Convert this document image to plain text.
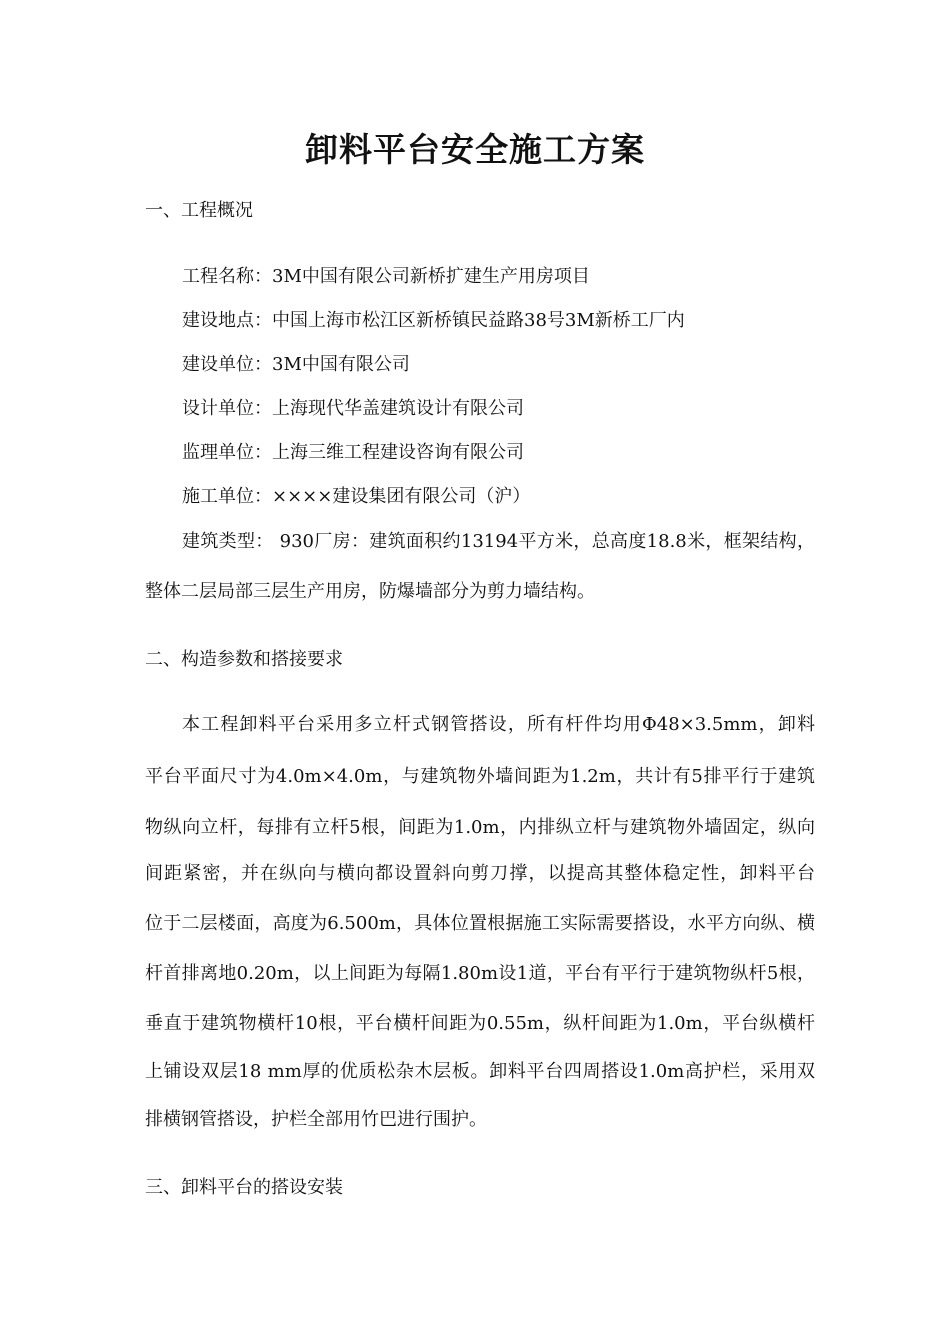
卸料平台安全施工方案
一、工程概况
工程名称：3M中国有限公司新桥扩建生产用房项目
建设地点：中国上海市松江区新桥镇民益路38号3M新桥工厂内
建设单位：3M中国有限公司
设计单位：上海现代华盖建筑设计有限公司
监理单位：上海三维工程建设咨询有限公司
施工单位：××××建设集团有限公司（沪）
建筑类型： 930厂房：建筑面积约13194平方米，总高度18.8米，框架结构，
整体二层局部三层生产用房，防爆墙部分为剪力墙结构。
二、构造参数和搭接要求
本工程卸料平台采用多立杆式钢管搭设，所有杆件均用Φ48×3.5mm，卸料
平台平面尺寸为4.0m×4.0m，与建筑物外墙间距为1.2m，共计有5排平行于建筑
物纵向立杆，每排有立杆5根，间距为1.0m，内排纵立杆与建筑物外墙固定，纵向
间距紧密，并在纵向与横向都设置斜向剪刀撑，以提高其整体稳定性，卸料平台
位于二层楼面，高度为6.500m，具体位置根据施工实际需要搭设，水平方向纵、横
杆首排离地0.20m，以上间距为每隔1.80m设1道，平台有平行于建筑物纵杆5根，
垂直于建筑物横杆10根，平台横杆间距为0.55m，纵杆间距为1.0m，平台纵横杆
上铺设双层18 mm厚的优质松杂木层板。卸料平台四周搭设1.0m高护栏，采用双
排横钢管搭设，护栏全部用竹巴进行围护。
三、卸料平台的搭设安装
